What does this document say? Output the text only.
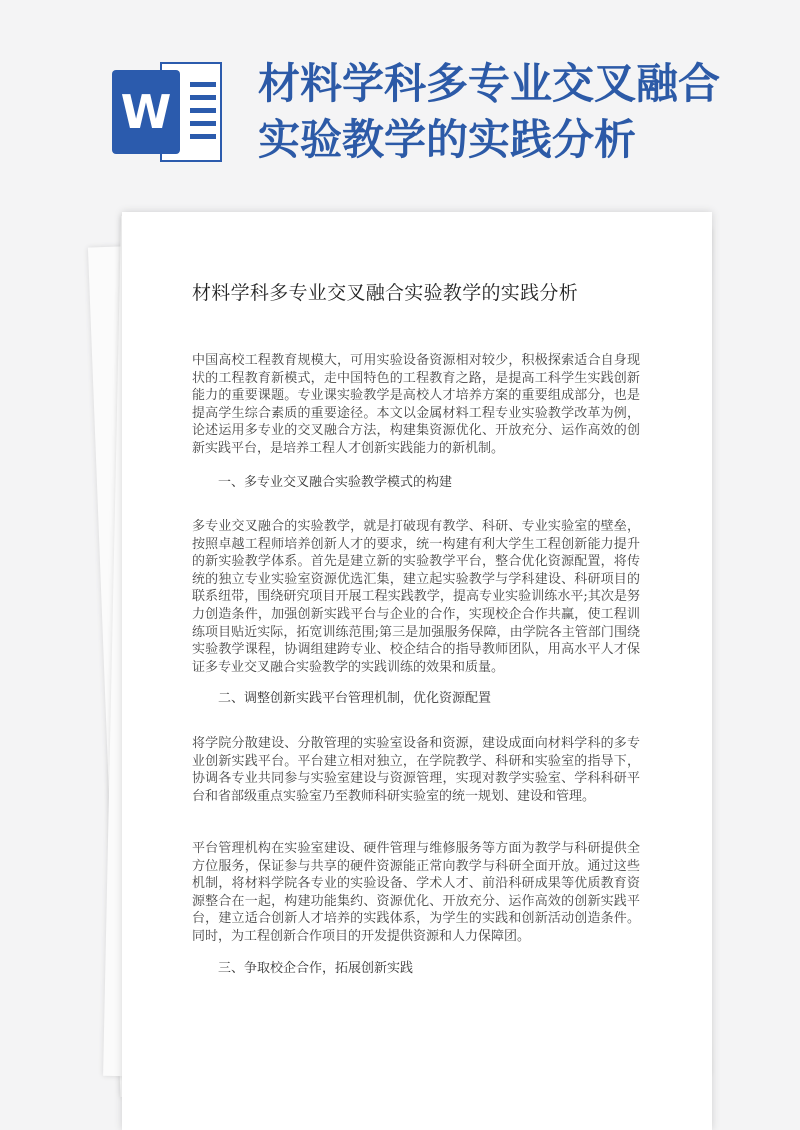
W
材料学科多专业交叉融合实验教学的实践分析
材料学科多专业交叉融合实验教学的实践分析

中国高校工程教育规模大，可用实验设备资源相对较少，积极探索适合自身现状的工程教育新模式，走中国特色的工程教育之路，是提高工科学生实践创新能力的重要课题。专业课实验教学是高校人才培养方案的重要组成部分，也是提高学生综合素质的重要途径。本文以金属材料工程专业实验教学改革为例，论述运用多专业的交叉融合方法，构建集资源优化、开放充分、运作高效的创新实践平台，是培养工程人才创新实践能力的新机制。

一、多专业交叉融合实验教学模式的构建

多专业交叉融合的实验教学，就是打破现有教学、科研、专业实验室的壁垒，按照卓越工程师培养创新人才的要求，统一构建有利大学生工程创新能力提升的新实验教学体系。首先是建立新的实验教学平台，整合优化资源配置，将传统的独立专业实验室资源优选汇集，建立起实验教学与学科建设、科研项目的联系纽带，围绕研究项目开展工程实践教学，提高专业实验训练水平;其次是努力创造条件，加强创新实践平台与企业的合作，实现校企合作共赢，使工程训练项目贴近实际，拓宽训练范围;第三是加强服务保障，由学院各主管部门围绕实验教学课程，协调组建跨专业、校企结合的指导教师团队，用高水平人才保证多专业交叉融合实验教学的实践训练的效果和质量。

二、调整创新实践平台管理机制，优化资源配置

将学院分散建设、分散管理的实验室设备和资源，建设成面向材料学科的多专业创新实践平台。平台建立相对独立，在学院教学、科研和实验室的指导下，协调各专业共同参与实验室建设与资源管理，实现对教学实验室、学科科研平台和省部级重点实验室乃至教师科研实验室的统一规划、建设和管理。

平台管理机构在实验室建设、硬件管理与维修服务等方面为教学与科研提供全方位服务，保证参与共享的硬件资源能正常向教学与科研全面开放。通过这些机制，将材料学院各专业的实验设备、学术人才、前沿科研成果等优质教育资源整合在一起，构建功能集约、资源优化、开放充分、运作高效的创新实践平台，建立适合创新人才培养的实践体系，为学生的实践和创新活动创造条件。同时，为工程创新合作项目的开发提供资源和人力保障团。

三、争取校企合作，拓展创新实践
